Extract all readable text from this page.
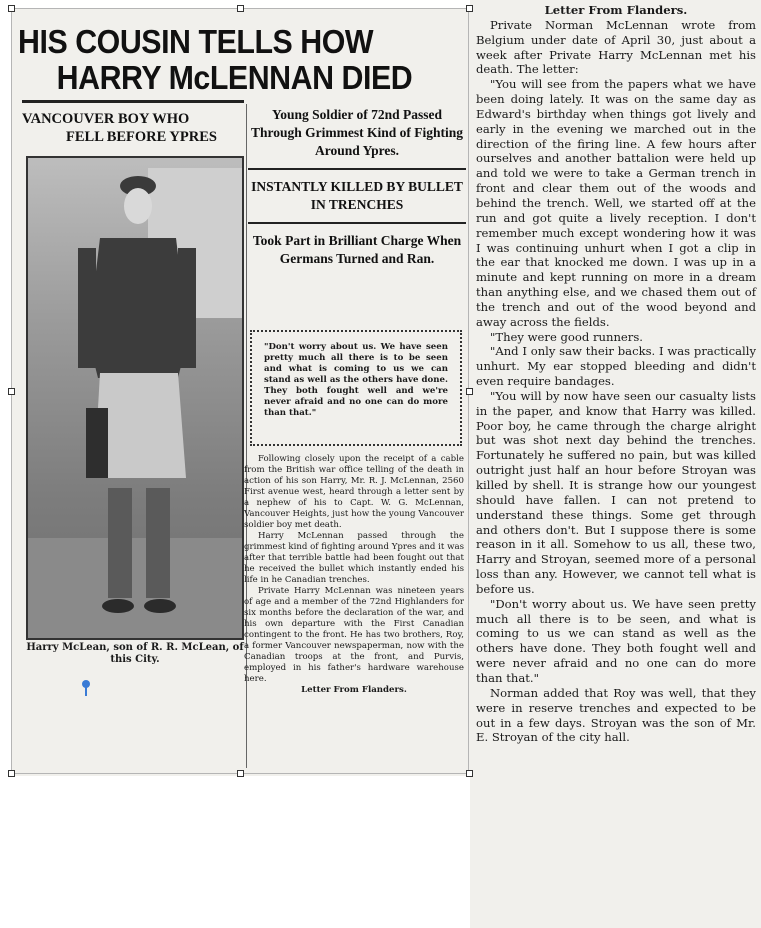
HIS COUSIN TELLS HOW
HARRY McLENNAN DIED
VANCOUVER BOY WHO
FELL BEFORE YPRES
Harry McLean, son of R. R. McLean, of this City.
Young Soldier of 72nd Passed Through Grimmest Kind of Fighting Around Ypres.
INSTANTLY KILLED BY BULLET IN TRENCHES
Took Part in Brilliant Charge When Germans Turned and Ran.
"Don't worry about us. We have seen pretty much all there is to be seen and what is coming to us we can stand as well as the others have done. They both fought well and we're never afraid and no one can do more than that."

Following closely upon the receipt of a cable from the British war office telling of the death in action of his son Harry, Mr. R. J. McLennan, 2560 First avenue west, heard through a letter sent by a nephew of his to Capt. W. G. McLennan, Vancouver Heights, just how the young Vancouver soldier boy met death.

Harry McLennan passed through the grimmest kind of fighting around Ypres and it was after that terrible battle had been fought out that he received the bullet which instantly ended his life in he Canadian trenches.

Private Harry McLennan was nineteen years of age and a member of the 72nd Highlanders for six months before the declaration of the war, and his own departure with the First Canadian contingent to the front. He has two brothers, Roy, a former Vancouver newspaperman, now with the Canadian troops at the front, and Purvis, employed in his father's hardware warehouse here.

Letter From Flanders.

Letter From Flanders.

Private Norman McLennan wrote from Belgium under date of April 30, just about a week after Private Harry McLennan met his death. The letter:

"You will see from the papers what we have been doing lately. It was on the same day as Edward's birthday when things got lively and early in the evening we marched out in the direction of the firing line. A few hours after ourselves and another battalion were held up and told we were to take a German trench in front and clear them out of the woods and behind the trench. Well, we started off at the run and got quite a lively reception. I don't remember much except wondering how it was I was continuing unhurt when I got a clip in the ear that knocked me down. I was up in a minute and kept running on more in a dream than anything else, and we chased them out of the trench and out of the wood beyond and away across the fields.

"They were good runners.

"And I only saw their backs. I was practically unhurt. My ear stopped bleeding and didn't even require bandages.

"You will by now have seen our casualty lists in the paper, and know that Harry was killed. Poor boy, he came through the charge alright but was shot next day behind the trenches. Fortunately he suffered no pain, but was killed outright just half an hour before Stroyan was killed by shell. It is strange how our youngest should have fallen. I can not pretend to understand these things. Some get through and others don't. But I suppose there is some reason in it all. Somehow to us all, these two, Harry and Stroyan, seemed more of a personal loss than any. However, we cannot tell what is before us.

"Don't worry about us. We have seen pretty much all there is to be seen, and what is coming to us we can stand as well as the others have done. They both fought well and were never afraid and no one can do more than that."

Norman added that Roy was well, that they were in reserve trenches and expected to be out in a few days. Stroyan was the son of Mr. E. Stroyan of the city hall.
